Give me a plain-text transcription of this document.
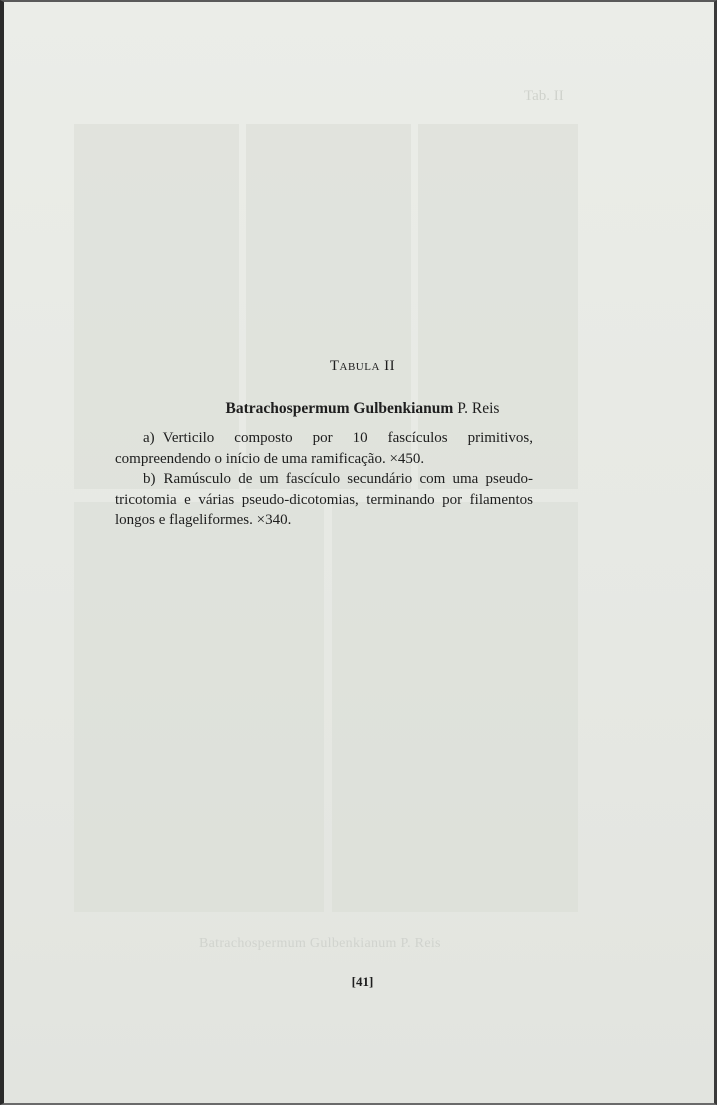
Tab. II
Batrachospermum Gulbenkianum P. Reis
Tabula II
Batrachospermum Gulbenkianum P. Reis

a) Verticilo composto por 10 fascículos primitivos, compreendendo o início de uma ramificação. ×450.

b) Ramúsculo de um fascículo secundário com uma pseudo-tricotomia e várias pseudo-dicotomias, terminando por filamentos longos e flageliformes. ×340.

[41]
